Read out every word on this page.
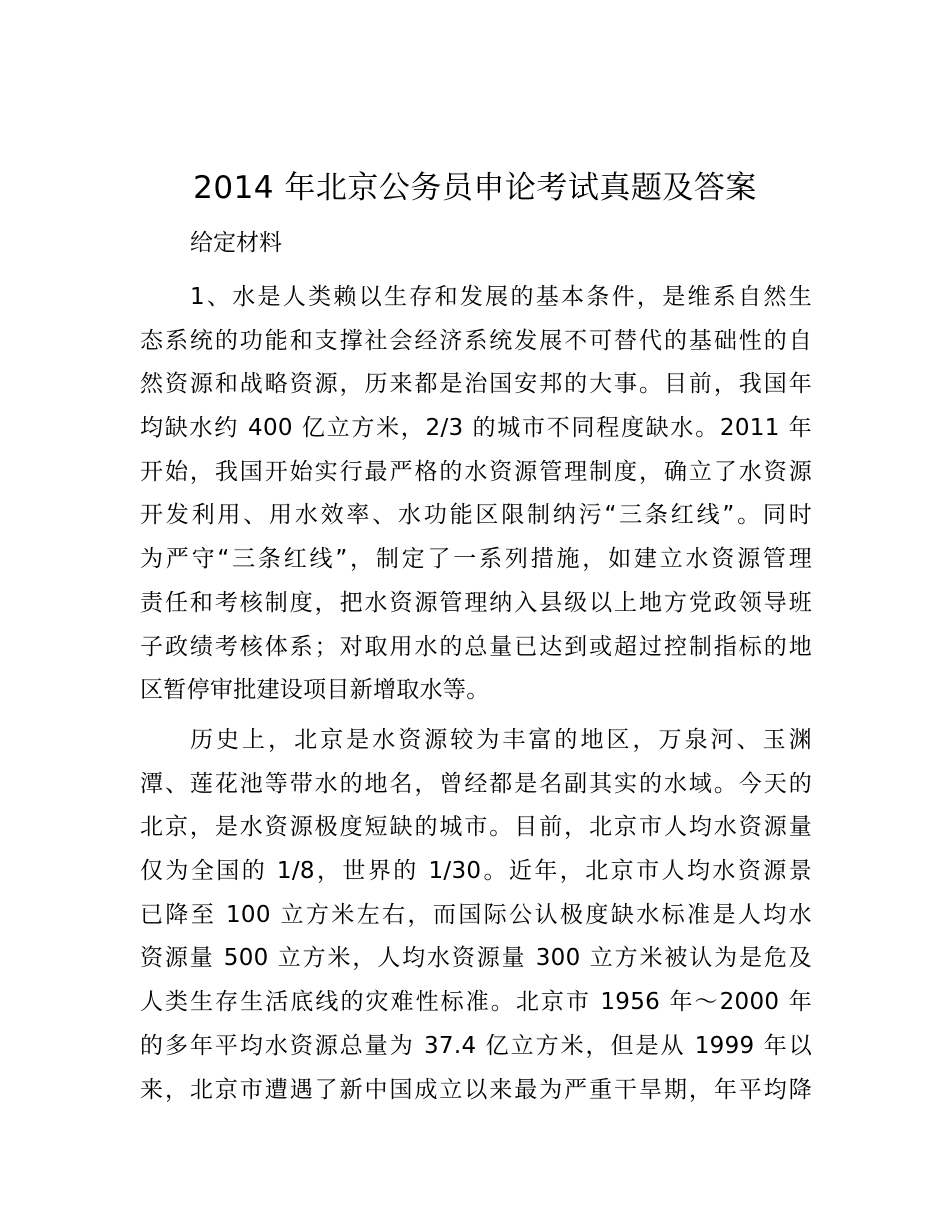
2014 年北京公务员申论考试真题及答案
给定材料
1、水是人类赖以生存和发展的基本条件，是维系自然生
态系统的功能和支撑社会经济系统发展不可替代的基础性的自
然资源和战略资源，历来都是治国安邦的大事。目前，我国年
均缺水约 400 亿立方米，2/3 的城市不同程度缺水。2011 年
开始，我国开始实行最严格的水资源管理制度，确立了水资源
开发利用、用水效率、水功能区限制纳污“三条红线”。同时
为严守“三条红线”，制定了一系列措施，如建立水资源管理
责任和考核制度，把水资源管理纳入县级以上地方党政领导班
子政绩考核体系；对取用水的总量已达到或超过控制指标的地
区暂停审批建设项目新增取水等。
历史上，北京是水资源较为丰富的地区，万泉河、玉渊
潭、莲花池等带水的地名，曾经都是名副其实的水域。今天的
北京，是水资源极度短缺的城市。目前，北京市人均水资源量
仅为全国的 1/8，世界的 1/30。近年，北京市人均水资源景
已降至 100 立方米左右，而国际公认极度缺水标准是人均水
资源量 500 立方米，人均水资源量 300 立方米被认为是危及
人类生存生活底线的灾难性标准。北京市 1956 年～2000 年
的多年平均水资源总量为 37.4 亿立方米，但是从 1999 年以
来，北京市遭遇了新中国成立以来最为严重干旱期，年平均降
